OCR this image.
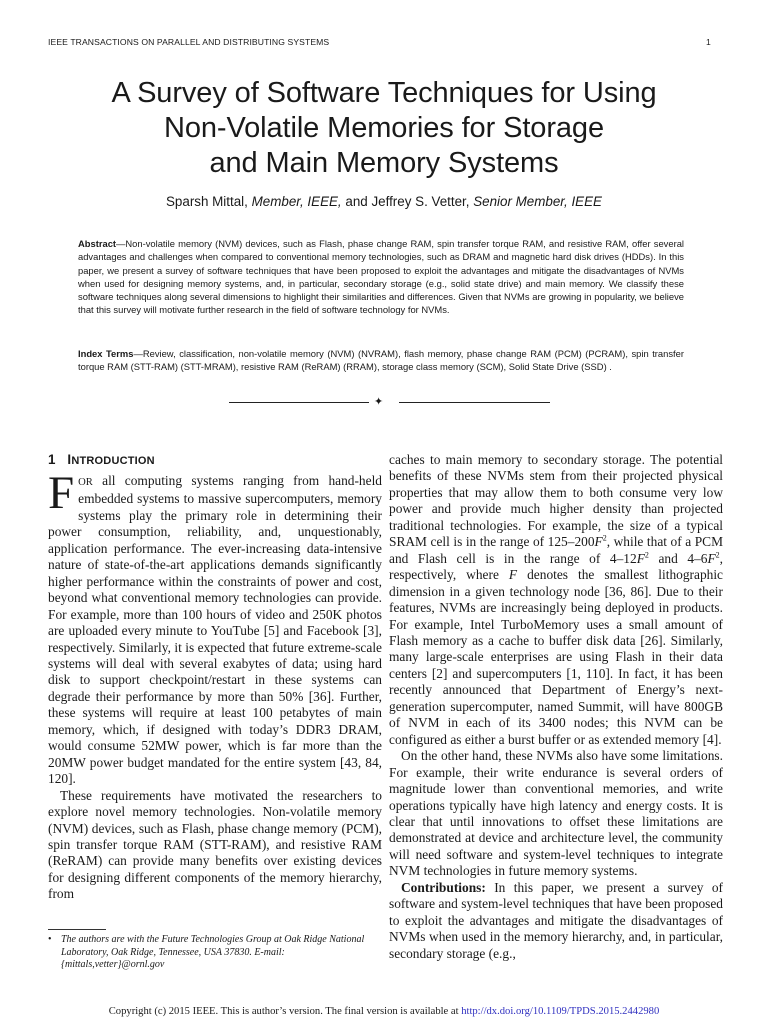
IEEE TRANSACTIONS ON PARALLEL AND DISTRIBUTING SYSTEMS	1
A Survey of Software Techniques for Using
Non-Volatile Memories for Storage
and Main Memory Systems
Sparsh Mittal, Member, IEEE, and Jeffrey S. Vetter, Senior Member, IEEE
Abstract—Non-volatile memory (NVM) devices, such as Flash, phase change RAM, spin transfer torque RAM, and resistive RAM, offer several advantages and challenges when compared to conventional memory technologies, such as DRAM and magnetic hard disk drives (HDDs). In this paper, we present a survey of software techniques that have been proposed to exploit the advantages and mitigate the disadvantages of NVMs when used for designing memory systems, and, in particular, secondary storage (e.g., solid state drive) and main memory. We classify these software techniques along several dimensions to highlight their similarities and differences. Given that NVMs are growing in popularity, we believe that this survey will motivate further research in the field of software technology for NVMs.
Index Terms—Review, classification, non-volatile memory (NVM) (NVRAM), flash memory, phase change RAM (PCM) (PCRAM), spin transfer torque RAM (STT-RAM) (STT-MRAM), resistive RAM (ReRAM) (RRAM), storage class memory (SCM), Solid State Drive (SSD) .
✦
1 INTRODUCTION

FOR all computing systems ranging from hand-held embedded systems to massive supercomputers, memory systems play the primary role in determining their power consumption, reliability, and, unquestionably, application performance. The ever-increasing data-intensive nature of state-of-the-art applications demands significantly higher performance within the constraints of power and cost, beyond what conventional memory technologies can provide. For example, more than 100 hours of video and 250K photos are uploaded every minute to YouTube [5] and Facebook [3], respectively. Similarly, it is expected that future extreme-scale systems will deal with several exabytes of data; using hard disk to support checkpoint/restart in these systems can degrade their performance by more than 50% [36]. Further, these systems will require at least 100 petabytes of main memory, which, if designed with today’s DDR3 DRAM, would consume 52MW power, which is far more than the 20MW power budget mandated for the entire system [43, 84, 120].

These requirements have motivated the researchers to explore novel memory technologies. Non-volatile memory (NVM) devices, such as Flash, phase change memory (PCM), spin transfer torque RAM (STT-RAM), and resistive RAM (ReRAM) can provide many benefits over existing devices for designing different components of the memory hierarchy, from

caches to main memory to secondary storage. The potential benefits of these NVMs stem from their projected physical properties that may allow them to both consume very low power and provide much higher density than projected traditional technologies. For example, the size of a typical SRAM cell is in the range of $125-200F^2$, while that of a PCM and Flash cell is in the range of $4-12F^2$ and $4-6F^2$, respectively, where F denotes the smallest lithographic dimension in a given technology node [36, 86]. Due to their features, NVMs are increasingly being deployed in products. For example, Intel TurboMemory uses a small amount of Flash memory as a cache to buffer disk data [26]. Similarly, many large-scale enterprises are using Flash in their data centers [2] and supercomputers [1, 110]. In fact, it has been recently announced that Department of Energy’s next-generation supercomputer, named Summit, will have 800GB of NVM in each of its 3400 nodes; this NVM can be configured as either a burst buffer or as extended memory [4].

On the other hand, these NVMs also have some limitations. For example, their write endurance is several orders of magnitude lower than conventional memories, and write operations typically have high latency and energy costs. It is clear that until innovations to offset these limitations are demonstrated at device and architecture level, the community will need software and system-level techniques to integrate NVM technologies in future memory systems.

Contributions: In this paper, we present a survey of software and system-level techniques that have been proposed to exploit the advantages and mitigate the disadvantages of NVMs when used in the memory hierarchy, and, in particular, secondary storage (e.g.,

• The authors are with the Future Technologies Group at Oak Ridge National Laboratory, Oak Ridge, Tennessee, USA 37830. E-mail: {mittals,vetter}@ornl.gov
Copyright (c) 2015 IEEE. This is author’s version. The final version is available at http://dx.doi.org/10.1109/TPDS.2015.2442980
